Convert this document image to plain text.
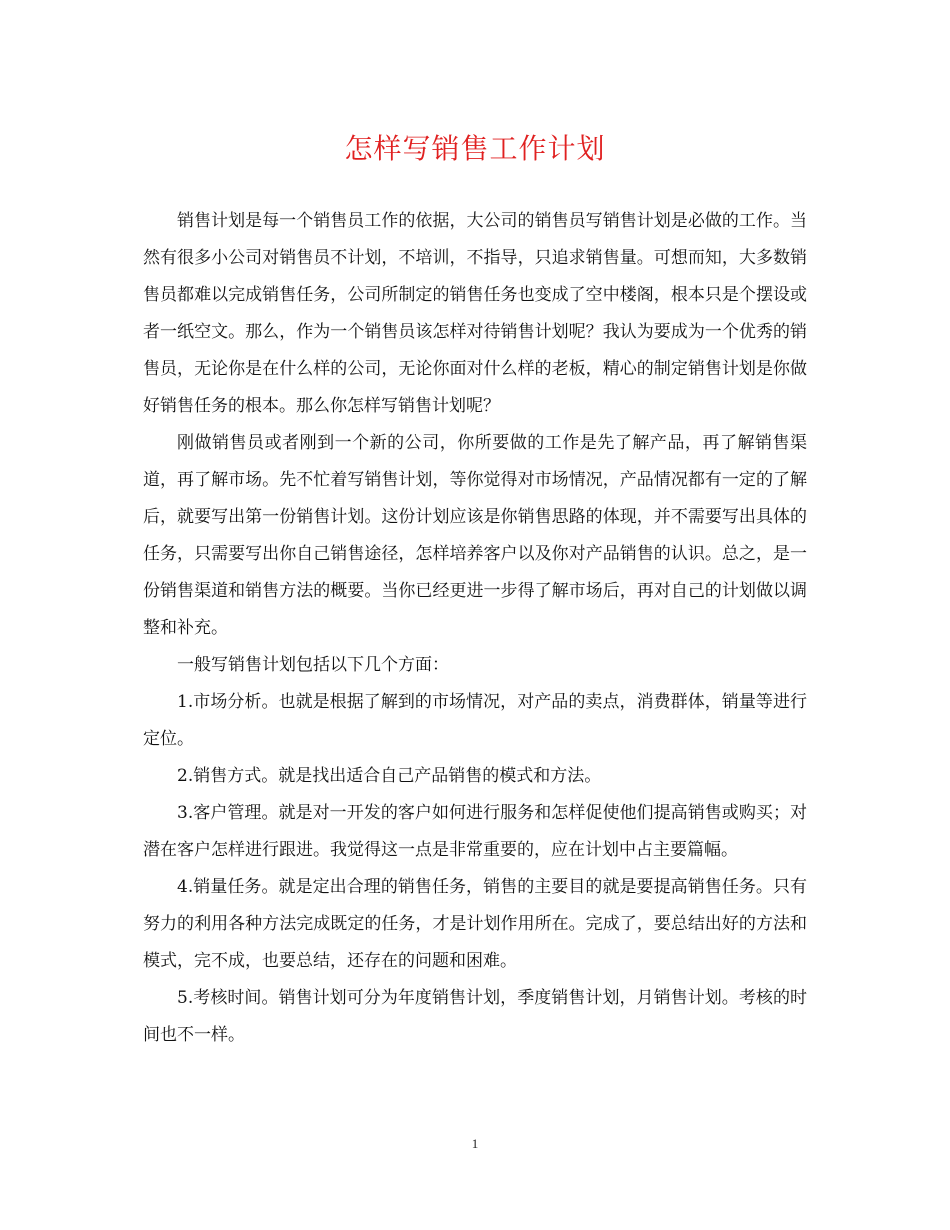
怎样写销售工作计划

销售计划是每一个销售员工作的依据，大公司的销售员写销售计划是必做的工作。当然有很多小公司对销售员不计划，不培训，不指导，只追求销售量。可想而知，大多数销售员都难以完成销售任务，公司所制定的销售任务也变成了空中楼阁，根本只是个摆设或者一纸空文。那么，作为一个销售员该怎样对待销售计划呢？我认为要成为一个优秀的销售员，无论你是在什么样的公司，无论你面对什么样的老板，精心的制定销售计划是你做好销售任务的根本。那么你怎样写销售计划呢？

刚做销售员或者刚到一个新的公司，你所要做的工作是先了解产品，再了解销售渠道，再了解市场。先不忙着写销售计划，等你觉得对市场情况，产品情况都有一定的了解后，就要写出第一份销售计划。这份计划应该是你销售思路的体现，并不需要写出具体的任务，只需要写出你自己销售途径，怎样培养客户以及你对产品销售的认识。总之，是一份销售渠道和销售方法的概要。当你已经更进一步得了解市场后，再对自己的计划做以调整和补充。

一般写销售计划包括以下几个方面：

1.市场分析。也就是根据了解到的市场情况，对产品的卖点，消费群体，销量等进行定位。

2.销售方式。就是找出适合自己产品销售的模式和方法。

3.客户管理。就是对一开发的客户如何进行服务和怎样促使他们提高销售或购买；对潜在客户怎样进行跟进。我觉得这一点是非常重要的，应在计划中占主要篇幅。

4.销量任务。就是定出合理的销售任务，销售的主要目的就是要提高销售任务。只有努力的利用各种方法完成既定的任务，才是计划作用所在。完成了，要总结出好的方法和模式，完不成，也要总结，还存在的问题和困难。

5.考核时间。销售计划可分为年度销售计划，季度销售计划，月销售计划。考核的时间也不一样。

1
